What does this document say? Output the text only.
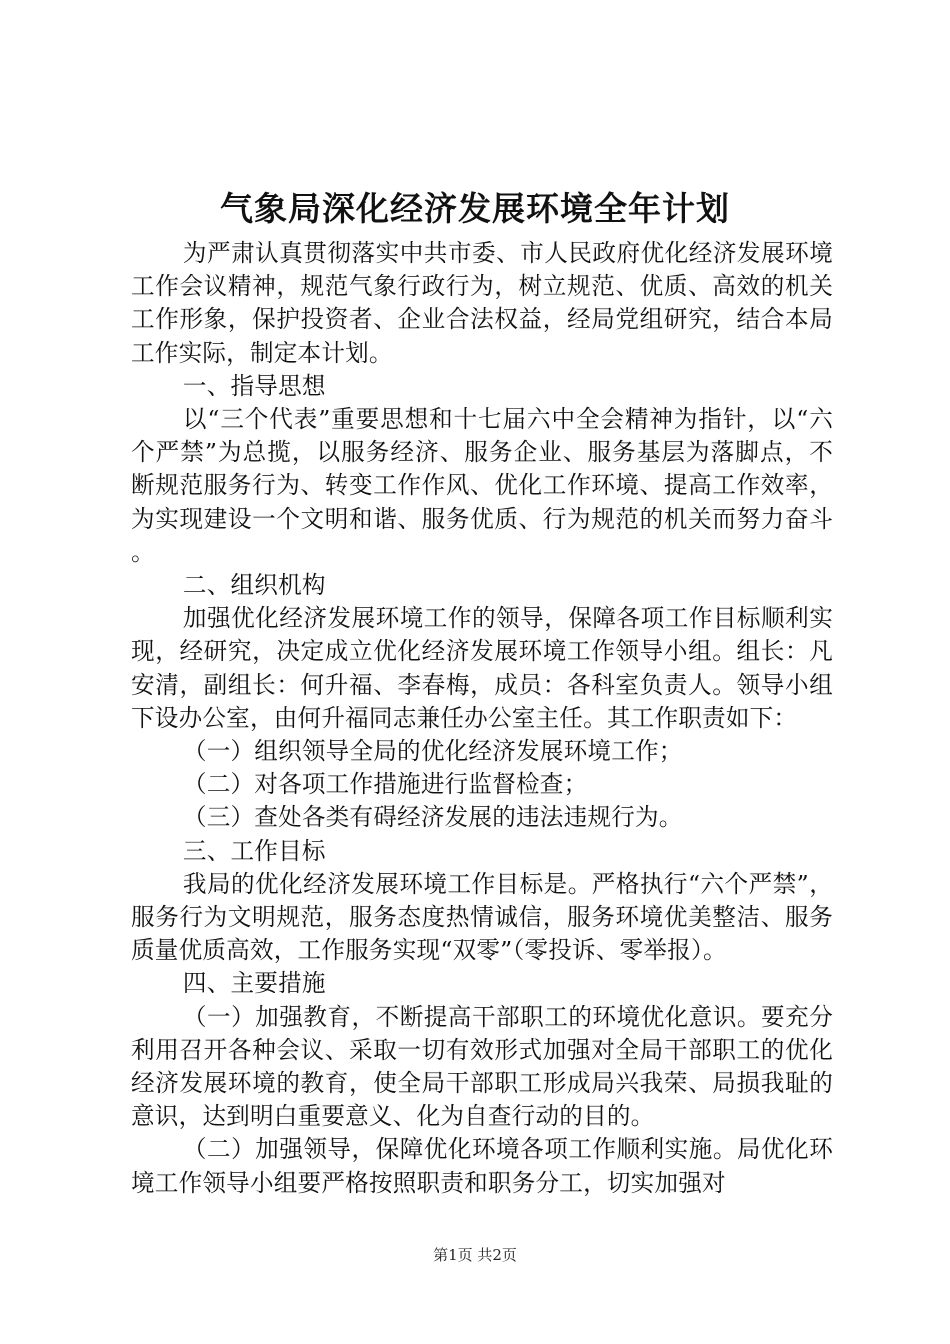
气象局深化经济发展环境全年计划

为严肃认真贯彻落实中共市委、市人民政府优化经济发展环境工作会议精神，规范气象行政行为，树立规范、优质、高效的机关工作形象，保护投资者、企业合法权益，经局党组研究，结合本局工作实际，制定本计划。

一、指导思想

以“三个代表”重要思想和十七届六中全会精神为指针，以“六个严禁”为总揽，以服务经济、服务企业、服务基层为落脚点，不断规范服务行为、转变工作作风、优化工作环境、提高工作效率，为实现建设一个文明和谐、服务优质、行为规范的机关而努力奋斗。

二、组织机构

加强优化经济发展环境工作的领导，保障各项工作目标顺利实现，经研究，决定成立优化经济发展环境工作领导小组。组长：凡安清，副组长：何升福、李春梅，成员：各科室负责人。领导小组下设办公室，由何升福同志兼任办公室主任。其工作职责如下：

（一）组织领导全局的优化经济发展环境工作；

（二）对各项工作措施进行监督检查；

（三）查处各类有碍经济发展的违法违规行为。

三、工作目标

我局的优化经济发展环境工作目标是。严格执行“六个严禁”，服务行为文明规范，服务态度热情诚信，服务环境优美整洁、服务质量优质高效，工作服务实现“双零”（零投诉、零举报）。

四、主要措施

（一）加强教育，不断提高干部职工的环境优化意识。要充分利用召开各种会议、采取一切有效形式加强对全局干部职工的优化经济发展环境的教育，使全局干部职工形成局兴我荣、局损我耻的意识，达到明白重要意义、化为自查行动的目的。

（二）加强领导，保障优化环境各项工作顺利实施。局优化环境工作领导小组要严格按照职责和职务分工，切实加强对

第1页 共2页
